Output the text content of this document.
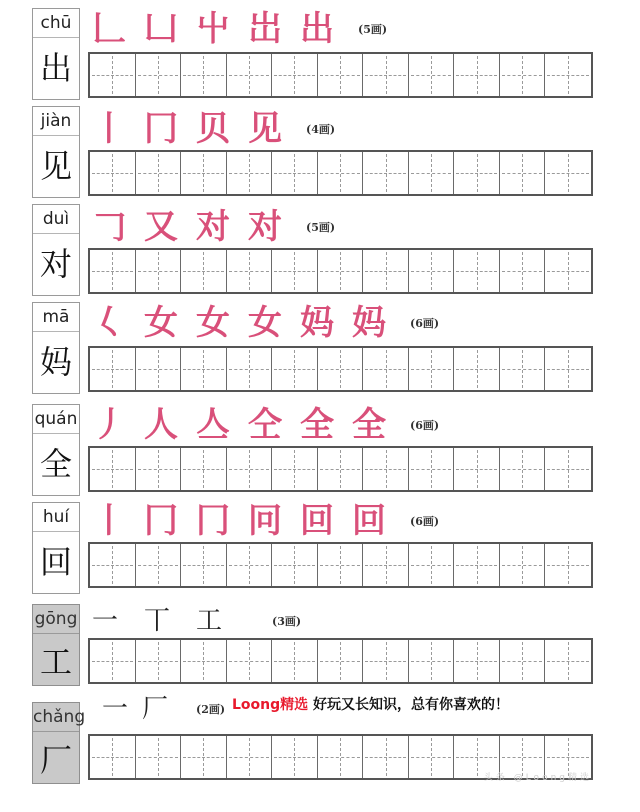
chū
出
𠃊 凵 屮 岀 出 (5画)
jiàn
见
丨 冂 贝 见 (4画)
duì
对
𠃌 又 对 对 (5画)
mā
妈
𡿨 女 女 女 妈 妈 (6画)
quán
全
丿 人 亼 仝 全 全 (6画)
huí
回
丨 冂 冂 冋 回 回 (6画)
gōng
工
一 丅 工	(3画)
chǎng
厂
一 厂	(2画) Loong精选 好玩又长知识，总有你喜欢的！
头条 @Loong精选
